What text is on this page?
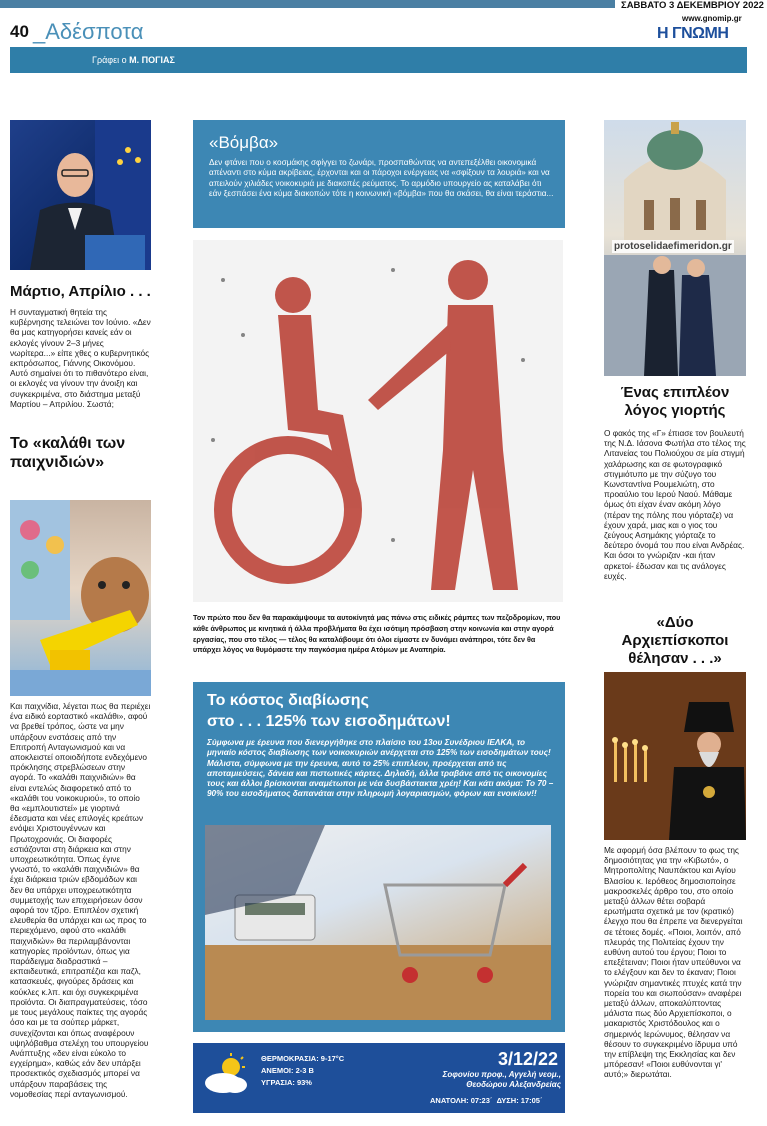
ΣΑΒΒΑΤΟ 3 ΔΕΚΕΜΒΡΙΟΥ 2022
www.gnomip.gr
Η ΓΝΩΜΗ
40 _Αδέσποτα
Γράφει ο Μ. ΠΟΓΙΑΣ
Μάρτιο, Απρίλιο . . .

Η συνταγματική θητεία της κυβέρνησης τελειώνει τον Ιούνιο. «Δεν θα μας κατηγορήσει κανείς εάν οι εκλογές γίνουν 2–3 μήνες νωρίτερα...» είπε χθες ο κυβερνητικός εκπρόσωπος, Γιάννης Οικονόμου. Αυτό σημαίνει ότι το πιθανότερο είναι, οι εκλογές να γίνουν την άνοιξη και συγκεκριμένα, στο διάστημα μεταξύ Μαρτίου – Απριλίου. Σωστά;

Το «καλάθι των παιχνιδιών»

Και παιχνίδια, λέγεται πως θα περιέχει ένα ειδικό εορταστικό «καλάθι», αφού να βρεθεί τρόπος, ώστε να μην υπάρξουν ενστάσεις από την Επιτροπή Ανταγωνισμού και να αποκλειστεί οποιοδήποτε ενδεχόμενο πρόκλησης στρεβλώσεων στην αγορά. Το «καλάθι παιχνιδιών» θα είναι εντελώς διαφορετικό από το «καλάθι του νοικοκυριού», το οποίο θα «εμπλουτιστεί» με γιορτινά έδεσματα και νέες επιλογές κρεάτων ενόψει Χριστουγέννων και Πρωτοχρονιάς. Οι διαφορές εστιάζονται στη διάρκεια και στην υποχρεωτικότητα. Όπως έγινε γνωστό, το «καλάθι παιχνιδιών» θα έχει διάρκεια τριών εβδομάδων και δεν θα υπάρχει υποχρεωτικότητα συμμετοχής των επιχειρήσεων όσον αφορά τον τζίρο. Επιπλέον σχετική ελευθερία θα υπάρχει και ως προς το περιεχόμενο, αφού στο «καλάθι παιχνιδιών» θα περιλαμβάνονται κατηγορίες προϊόντων, όπως για παράδειγμα διαδραστικά – εκπαιδευτικά, επιτραπέζια και παζλ, κατασκευές, φιγούρες δράσεις και κούκλες κ.λπ. και όχι συγκεκριμένα προϊόντα. Οι διαπραγματεύσεις, τόσο με τους μεγάλους παίκτες της αγοράς όσο και με τα σούπερ μάρκετ, συνεχίζονται και όπως αναφέρουν υψηλόβαθμα στελέχη του υπουργείου Ανάπτυξης «δεν είναι εύκολο το εγχείρημα», καθώς εάν δεν υπάρξει προσεκτικός σχεδιασμός μπορεί να υπάρξουν παραβάσεις της νομοθεσίας περί ανταγωνισμού.

«Βόμβα»

Δεν φτάνει που ο κοσμάκης σφίγγει το ζωνάρι, προσπαθώντας να αντεπεξέλθει οικονομικά απέναντι στο κύμα ακρίβειας, έρχονται και οι πάροχοι ενέργειας να «σφίξουν τα λουριά» και να απειλούν χιλιάδες νοικοκυριά με διακοπές ρεύματος. Το αρμόδιο υπουργείο ας καταλάβει ότι εάν ξεσπάσει ένα κύμα διακοπών τότε η κοινωνική «βόμβα» που θα σκάσει, θα είναι τεράστια...

Τον πρώτο που δεν θα παρακάμψουμε τα αυτοκίνητά μας πάνω στις ειδικές ράμπες των πεζοδρομίων, που κάθε άνθρωπος με κινητικά ή άλλα προβλήματα θα έχει ισότιμη πρόσβαση στην κοινωνία και στην αγορά εργασίας, που στο τέλος — τέλος θα καταλάβουμε ότι όλοι είμαστε εν δυνάμει ανάπηροι, τότε δεν θα υπάρχει λόγος να θυμόμαστε την παγκόσμια ημέρα Ατόμων με Αναπηρία.
Το κόστος διαβίωσης
στο . . . 125% των εισοδημάτων!

Σύμφωνα με έρευνα που διενεργήθηκε στο πλαίσιο του 13ου Συνέδριου ΙΕΛΚΑ, το μηνιαίο κόστος διαβίωσης των νοικοκυριών ανέρχεται στο 125% των εισοδημάτων τους! Μάλιστα, σύμφωνα με την έρευνα, αυτό το 25% επιπλέον, προέρχεται από τις αποταμιεύσεις, δάνεια και πιστωτικές κάρτες. Δηλαδή, άλλα τραβάνε από τις οικονομίες τους και άλλοι βρίσκονται αναμέτωποι με νέα δυσβάστακτα χρέη! Και κάτι ακόμα: Το 70 – 90% του εισοδήματος δαπανάται στην πληρωμή λογαριασμών, φόρων και ενοικίων!!

ΘΕΡΜΟΚΡΑΣΙΑ: 9-17°C
ΑΝΕΜΟΙ: 2-3 Β
ΥΓΡΑΣΙΑ: 93%
3/12/22
Σοφονίου προφ., Αγγελή νεομ.,
Θεοδώρου Αλεξανδρείας
ΑΝΑΤΟΛΗ: 07:23΄ ΔΥΣΗ: 17:05΄
protoselidaefimeridon.gr
Ένας επιπλέον λόγος γιορτής

Ο φακός της «Γ» έπιασε τον βουλευτή της Ν.Δ. Ιάσονα Φωτήλα στο τέλος της Λιτανείας του Πολιούχου σε μία στιγμή χαλάρωσης και σε φωτογραφικό στιγμιότυπο με την σύζυγο του Κωνσταντίνα Ρουμελιώτη, στο προαύλιο του Ιερού Ναού. Μάθαμε όμως ότι είχαν έναν ακόμη λόγο (πέραν της πόλης που γιόρταζε) να έχουν χαρά, μιας και ο γιος του ζεύγους Ασημάκης γιόρταζε το δεύτερο όνομά του που είναι Ανδρέας. Και όσοι το γνώριζαν -και ήταν αρκετοί- έδωσαν και τις ανάλογες ευχές.

«Δύο Αρχιεπίσκοποι θέλησαν . . .»

Με αφορμή όσα βλέπουν το φως της δημοσιότητας για την «Κιβωτό», ο Μητροπολίτης Ναυπάκτου και Αγίου Βλασίου κ. Ιερόθεος δημοσιοποίησε μακροσκελές άρθρο του, στο οποίο μεταξύ άλλων θέτει σοβαρά ερωτήματα σχετικά με τον (κρατικό) έλεγχο που θα έπρεπε να διενεργείται σε τέτοιες δομές. «Ποιοι, λοιπόν, από πλευράς της Πολιτείας έχουν την ευθύνη αυτού του έργου; Ποιοι το επεξέτειναν; Ποιοι ήταν υπεύθυνοι να το ελέγξουν και δεν το έκαναν; Ποιοι γνώριζαν σημαντικές πτυχές κατά την πορεία του και σιωπούσαν» αναφέρει μεταξύ άλλων, αποκαλύπτοντας μάλιστα πως δύο Αρχιεπίσκοποι, ο μακαριστός Χριστόδουλος και ο σημερινός Ιερώνυμος, θέλησαν να θέσουν το συγκεκριμένο ίδρυμα υπό την επίβλεψη της Εκκλησίας και δεν μπόρεσαν! «Ποιοι ευθύνονται γι' αυτό;» διερωτάται.
